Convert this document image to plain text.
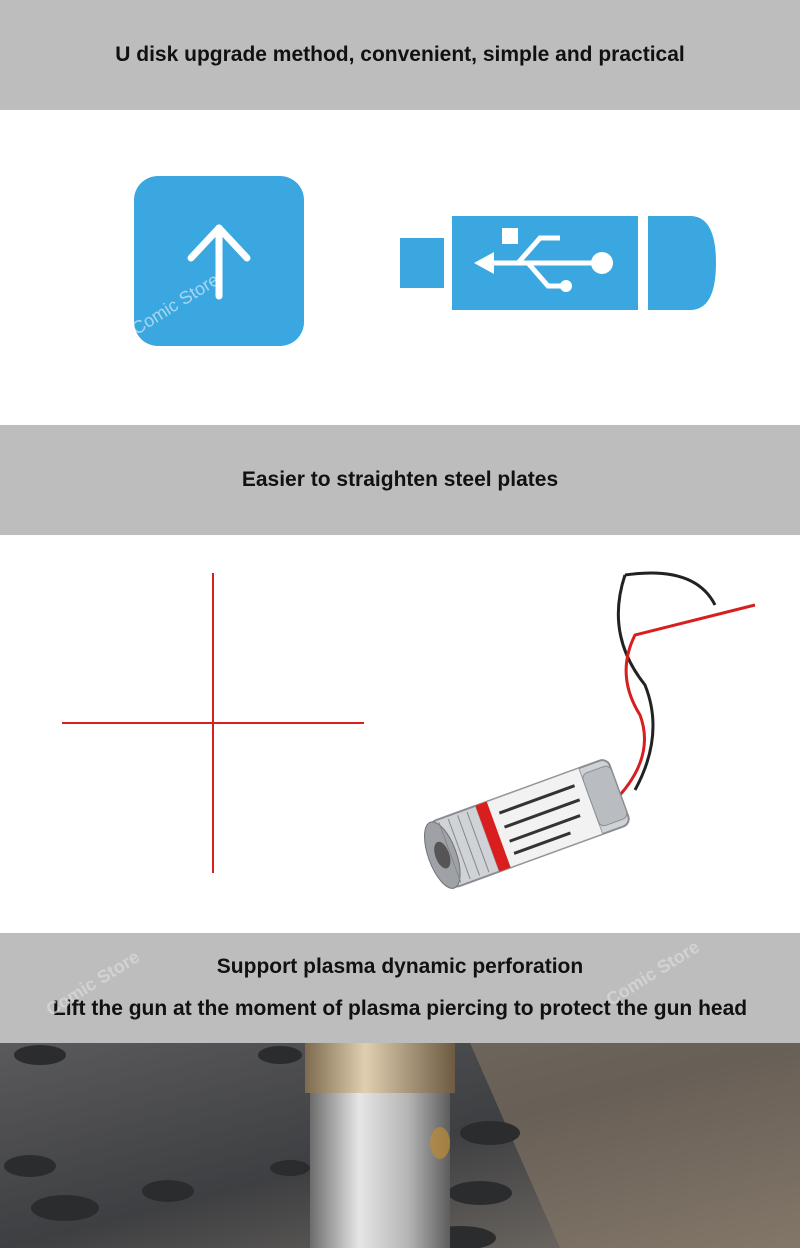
U disk upgrade method, convenient, simple and practical
Comic Store
Easier to straighten steel plates
Comic Store	Comic Store
Support plasma dynamic perforation
Lift the gun at the moment of plasma piercing to protect the gun head
